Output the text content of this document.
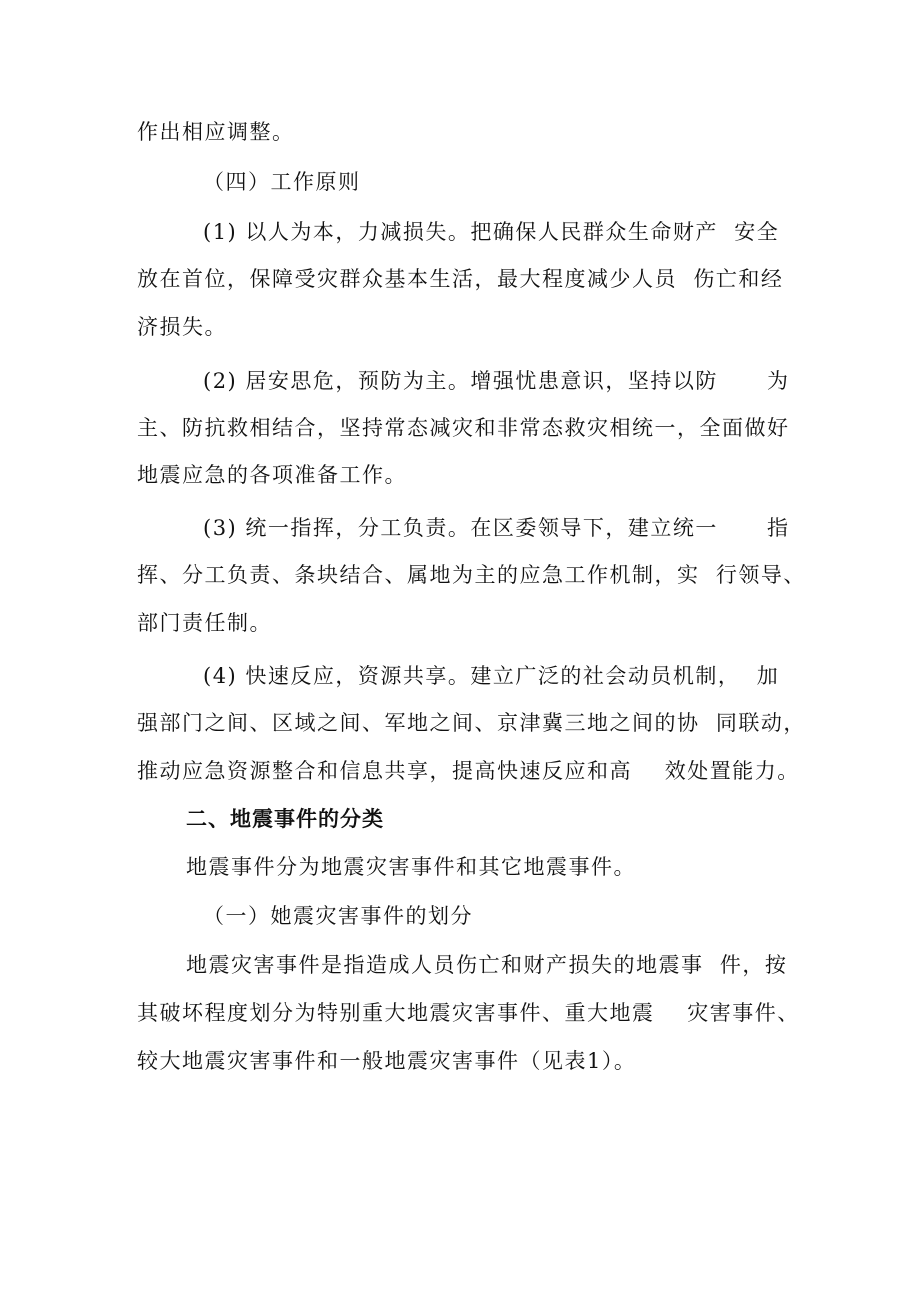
作出相应调整。
（四）工作原则
(1) 以人为本，力减损失。把确保人民群众生命财产  安全
放在首位，保障受灾群众基本生活，最大程度减少人员  伤亡和经
济损失。
(2) 居安思危，预防为主。增强忧患意识，坚持以防      为
主、防抗救相结合，坚持常态减灾和非常态救灾相统一，全面做好
地震应急的各项准备工作。
(3) 统一指挥，分工负责。在区委领导下，建立统一      指
挥、分工负责、条块结合、属地为主的应急工作机制，实  行领导、
部门责任制。
(4) 快速反应，资源共享。建立广泛的社会动员机制，  加
强部门之间、区域之间、军地之间、京津冀三地之间的协  同联动，
推动应急资源整合和信息共享，提高快速反应和高    效处置能力。
二、地震事件的分类
地震事件分为地震灾害事件和其它地震事件。
（一）她震灾害事件的划分
地震灾害事件是指造成人员伤亡和财产损失的地震事  件，按
其破坏程度划分为特别重大地震灾害事件、重大地震    灾害事件、
较大地震灾害事件和一般地震灾害事件（见表1）。
